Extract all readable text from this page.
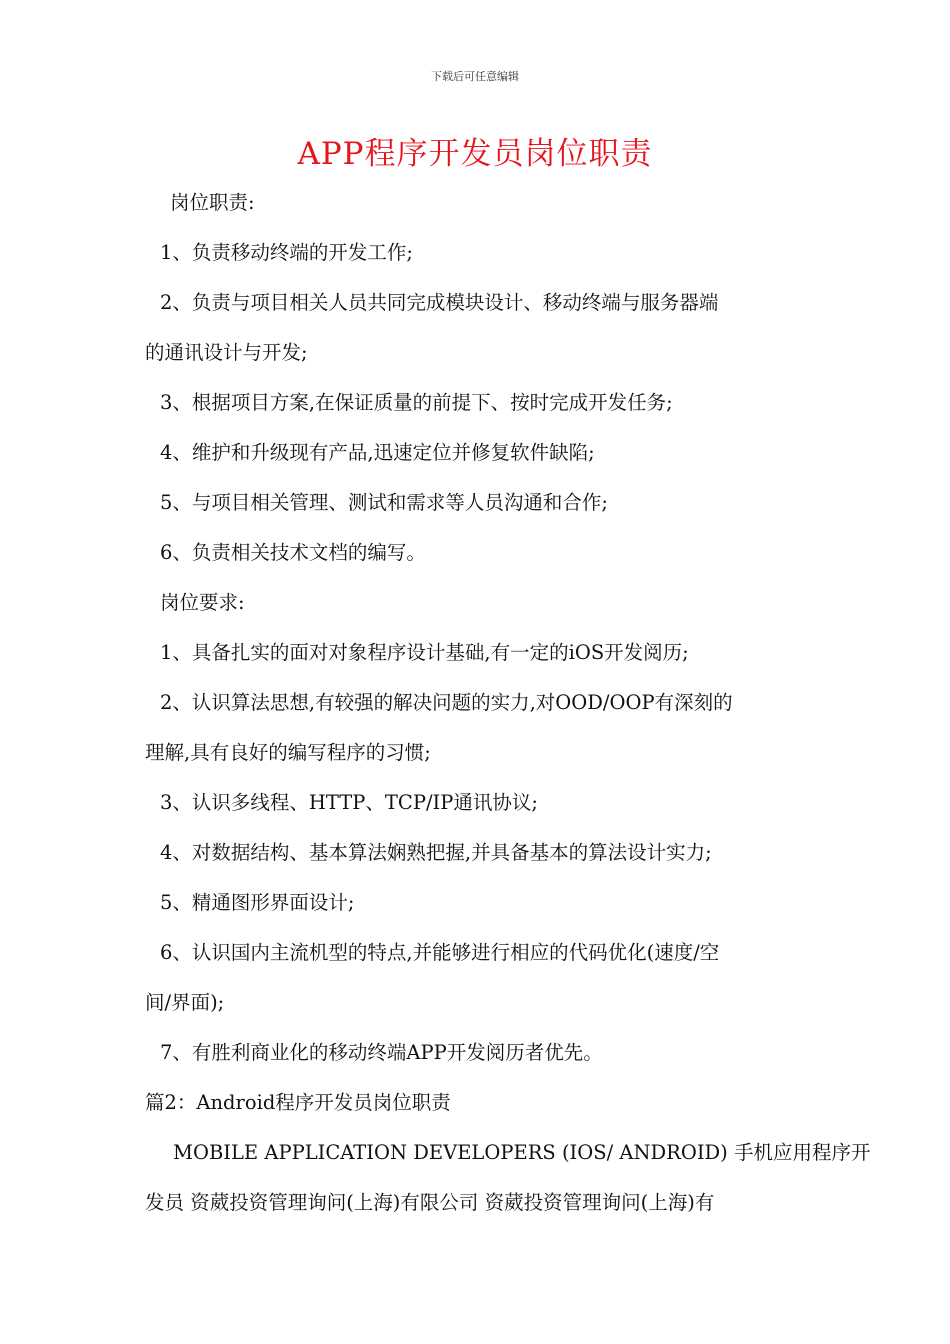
下载后可任意编辑
APP程序开发员岗位职责
岗位职责:
1、负责移动终端的开发工作;
2、负责与项目相关人员共同完成模块设计、移动终端与服务器端
的通讯设计与开发;
3、根据项目方案,在保证质量的前提下、按时完成开发任务;
4、维护和升级现有产品,迅速定位并修复软件缺陷;
5、与项目相关管理、测试和需求等人员沟通和合作;
6、负责相关技术文档的编写。
岗位要求:
1、具备扎实的面对对象程序设计基础,有一定的iOS开发阅历;
2、认识算法思想,有较强的解决问题的实力,对OOD/OOP有深刻的
理解,具有良好的编写程序的习惯;
3、认识多线程、HTTP、TCP/IP通讯协议;
4、对数据结构、基本算法娴熟把握,并具备基本的算法设计实力;
5、精通图形界面设计;
6、认识国内主流机型的特点,并能够进行相应的代码优化(速度/空
间/界面);
7、有胜利商业化的移动终端APP开发阅历者优先。
篇2：Android程序开发员岗位职责
MOBILE APPLICATION DEVELOPERS (IOS/ ANDROID) 手机应用程序开
发员 资葳投资管理询问(上海)有限公司 资葳投资管理询问(上海)有
